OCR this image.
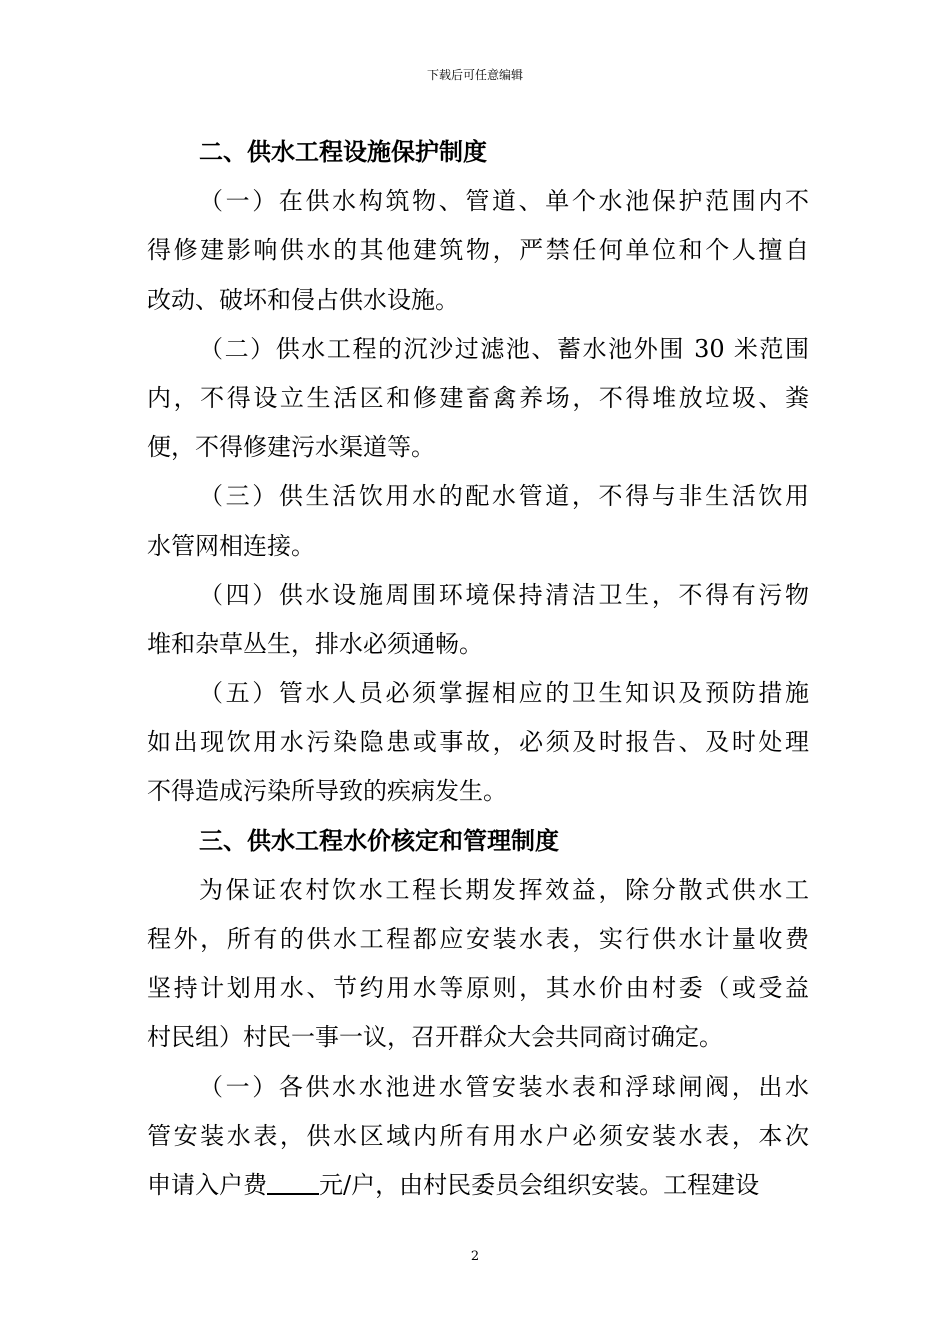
下载后可任意编辑
二、供水工程设施保护制度
（一）在供水构筑物、管道、单个水池保护范围内不
得修建影响供水的其他建筑物，严禁任何单位和个人擅自
改动、破坏和侵占供水设施。
（二）供水工程的沉沙过滤池、蓄水池外围 30 米范围
内，不得设立生活区和修建畜禽养场，不得堆放垃圾、粪
便，不得修建污水渠道等。
（三）供生活饮用水的配水管道，不得与非生活饮用
水管网相连接。
（四）供水设施周围环境保持清洁卫生，不得有污物
堆和杂草丛生，排水必须通畅。
（五）管水人员必须掌握相应的卫生知识及预防措施
如出现饮用水污染隐患或事故，必须及时报告、及时处理
不得造成污染所导致的疾病发生。
三、供水工程水价核定和管理制度
为保证农村饮水工程长期发挥效益，除分散式供水工
程外，所有的供水工程都应安装水表，实行供水计量收费
坚持计划用水、节约用水等原则，其水价由村委（或受益
村民组）村民一事一议，召开群众大会共同商讨确定。
（一）各供水水池进水管安装水表和浮球闸阀，出水
管安装水表，供水区域内所有用水户必须安装水表，本次
申请入户费 元/户，由村民委员会组织安装。工程建设
2
